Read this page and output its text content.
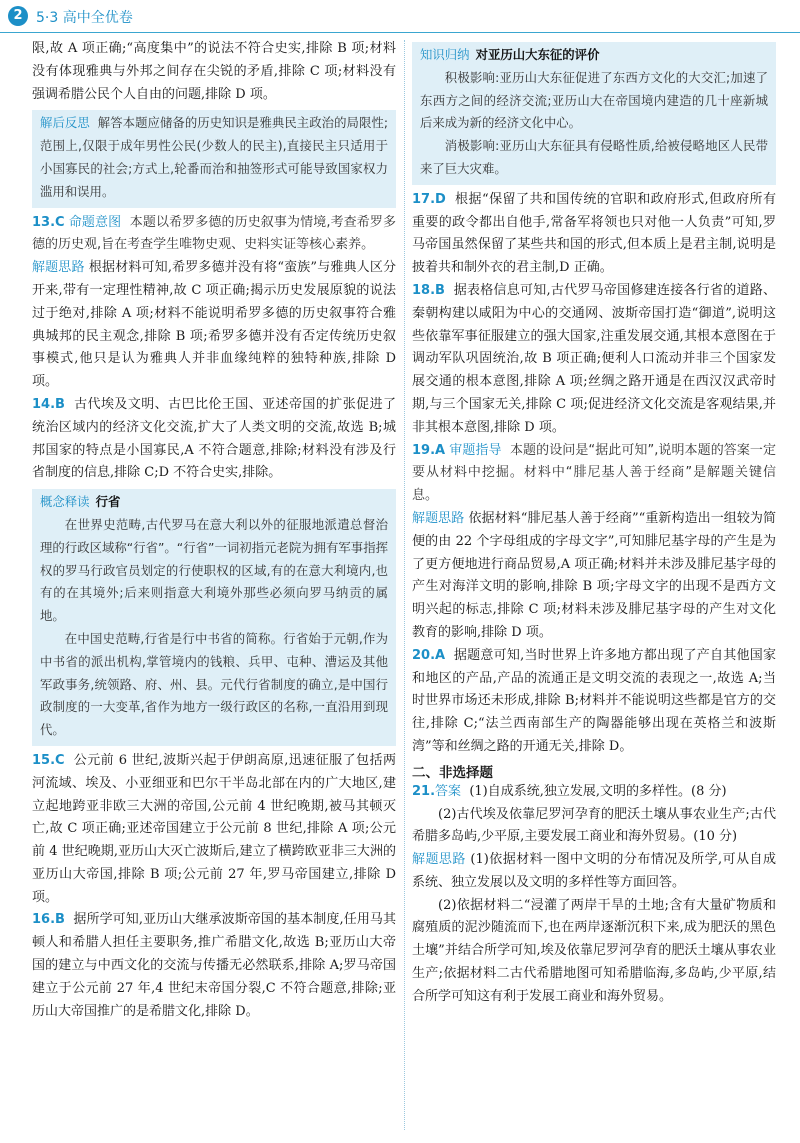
2 5·3 高中全优卷

限,故 A 项正确;“高度集中”的说法不符合史实,排除 B 项;材料没有体现雅典与外邦之间存在尖锐的矛盾,排除 C 项;材料没有强调希腊公民个人自由的问题,排除 D 项。

解后反思 解答本题应储备的历史知识是雅典民主政治的局限性;范围上,仅限于成年男性公民(少数人的民主),直接民主只适用于小国寡民的社会;方式上,轮番而治和抽签形式可能导致国家权力滥用和误用。

13.C 命题意图 本题以希罗多德的历史叙事为情境,考查希罗多德的历史观,旨在考查学生唯物史观、史料实证等核心素养。

解题思路 根据材料可知,希罗多德并没有将“蛮族”与雅典人区分开来,带有一定理性精神,故 C 项正确;揭示历史发展原貌的说法过于绝对,排除 A 项;材料不能说明希罗多德的历史叙事符合雅典城邦的民主观念,排除 B 项;希罗多德并没有否定传统历史叙事模式,他只是认为雅典人并非血缘纯粹的独特种族,排除 D 项。

14.B 古代埃及文明、古巴比伦王国、亚述帝国的扩张促进了统治区域内的经济文化交流,扩大了人类文明的交流,故选 B;城邦国家的特点是小国寡民,A 不符合题意,排除;材料没有涉及行省制度的信息,排除 C;D 不符合史实,排除。

概念释读 行省

在世界史范畴,古代罗马在意大利以外的征服地派遣总督治理的行政区域称“行省”。“行省”一词初指元老院为拥有军事指挥权的罗马行政官员划定的行使职权的区域,有的在意大利境内,也有的在其境外;后来则指意大利境外那些必须向罗马纳贡的属地。

在中国史范畴,行省是行中书省的简称。行省始于元朝,作为中书省的派出机构,掌管境内的钱粮、兵甲、屯种、漕运及其他军政事务,统领路、府、州、县。元代行省制度的确立,是中国行政制度的一大变革,省作为地方一级行政区的名称,一直沿用到现代。

15.C 公元前 6 世纪,波斯兴起于伊朗高原,迅速征服了包括两河流域、埃及、小亚细亚和巴尔干半岛北部在内的广大地区,建立起地跨亚非欧三大洲的帝国,公元前 4 世纪晚期,被马其顿灭亡,故 C 项正确;亚述帝国建立于公元前 8 世纪,排除 A 项;公元前 4 世纪晚期,亚历山大灭亡波斯后,建立了横跨欧亚非三大洲的亚历山大帝国,排除 B 项;公元前 27 年,罗马帝国建立,排除 D 项。

16.B 据所学可知,亚历山大继承波斯帝国的基本制度,任用马其顿人和希腊人担任主要职务,推广希腊文化,故选 B;亚历山大帝国的建立与中西文化的交流与传播无必然联系,排除 A;罗马帝国建立于公元前 27 年,4 世纪末帝国分裂,C 不符合题意,排除;亚历山大帝国推广的是希腊文化,排除 D。

知识归纳 对亚历山大东征的评价

积极影响:亚历山大东征促进了东西方文化的大交汇;加速了东西方之间的经济交流;亚历山大在帝国境内建造的几十座新城后来成为新的经济文化中心。

消极影响:亚历山大东征具有侵略性质,给被侵略地区人民带来了巨大灾难。

17.D 根据“保留了共和国传统的官职和政府形式,但政府所有重要的政令都出自他手,常备军将领也只对他一人负责”可知,罗马帝国虽然保留了某些共和国的形式,但本质上是君主制,说明是披着共和制外衣的君主制,D 正确。

18.B 据表格信息可知,古代罗马帝国修建连接各行省的道路、秦朝构建以咸阳为中心的交通网、波斯帝国打造“御道”,说明这些依靠军事征服建立的强大国家,注重发展交通,其根本意图在于调动军队巩固统治,故 B 项正确;便利人口流动并非三个国家发展交通的根本意图,排除 A 项;丝绸之路开通是在西汉汉武帝时期,与三个国家无关,排除 C 项;促进经济文化交流是客观结果,并非其根本意图,排除 D 项。

19.A 审题指导 本题的设问是“据此可知”,说明本题的答案一定要从材料中挖掘。材料中“腓尼基人善于经商”是解题关键信息。

解题思路 依据材料“腓尼基人善于经商”“重新构造出一组较为简便的由 22 个字母组成的字母文字”,可知腓尼基字母的产生是为了更方便地进行商品贸易,A 项正确;材料并未涉及腓尼基字母的产生对海洋文明的影响,排除 B 项;字母文字的出现不是西方文明兴起的标志,排除 C 项;材料未涉及腓尼基字母的产生对文化教育的影响,排除 D 项。

20.A 据题意可知,当时世界上许多地方都出现了产自其他国家和地区的产品,产品的流通正是文明交流的表现之一,故选 A;当时世界市场还未形成,排除 B;材料并不能说明这些都是官方的交往,排除 C;“法兰西南部生产的陶器能够出现在英格兰和波斯湾”等和丝绸之路的开通无关,排除 D。

二、非选择题

21.答案 (1)自成系统,独立发展,文明的多样性。(8 分)

(2)古代埃及依靠尼罗河孕育的肥沃土壤从事农业生产;古代希腊多岛屿,少平原,主要发展工商业和海外贸易。(10 分)

解题思路 (1)依据材料一图中文明的分布情况及所学,可从自成系统、独立发展以及文明的多样性等方面回答。

(2)依据材料二“浸灌了两岸干旱的土地;含有大量矿物质和腐殖质的泥沙随流而下,也在两岸逐渐沉积下来,成为肥沃的黑色土壤”并结合所学可知,埃及依靠尼罗河孕育的肥沃土壤从事农业生产;依据材料二古代希腊地图可知希腊临海,多岛屿,少平原,结合所学可知这有利于发展工商业和海外贸易。
